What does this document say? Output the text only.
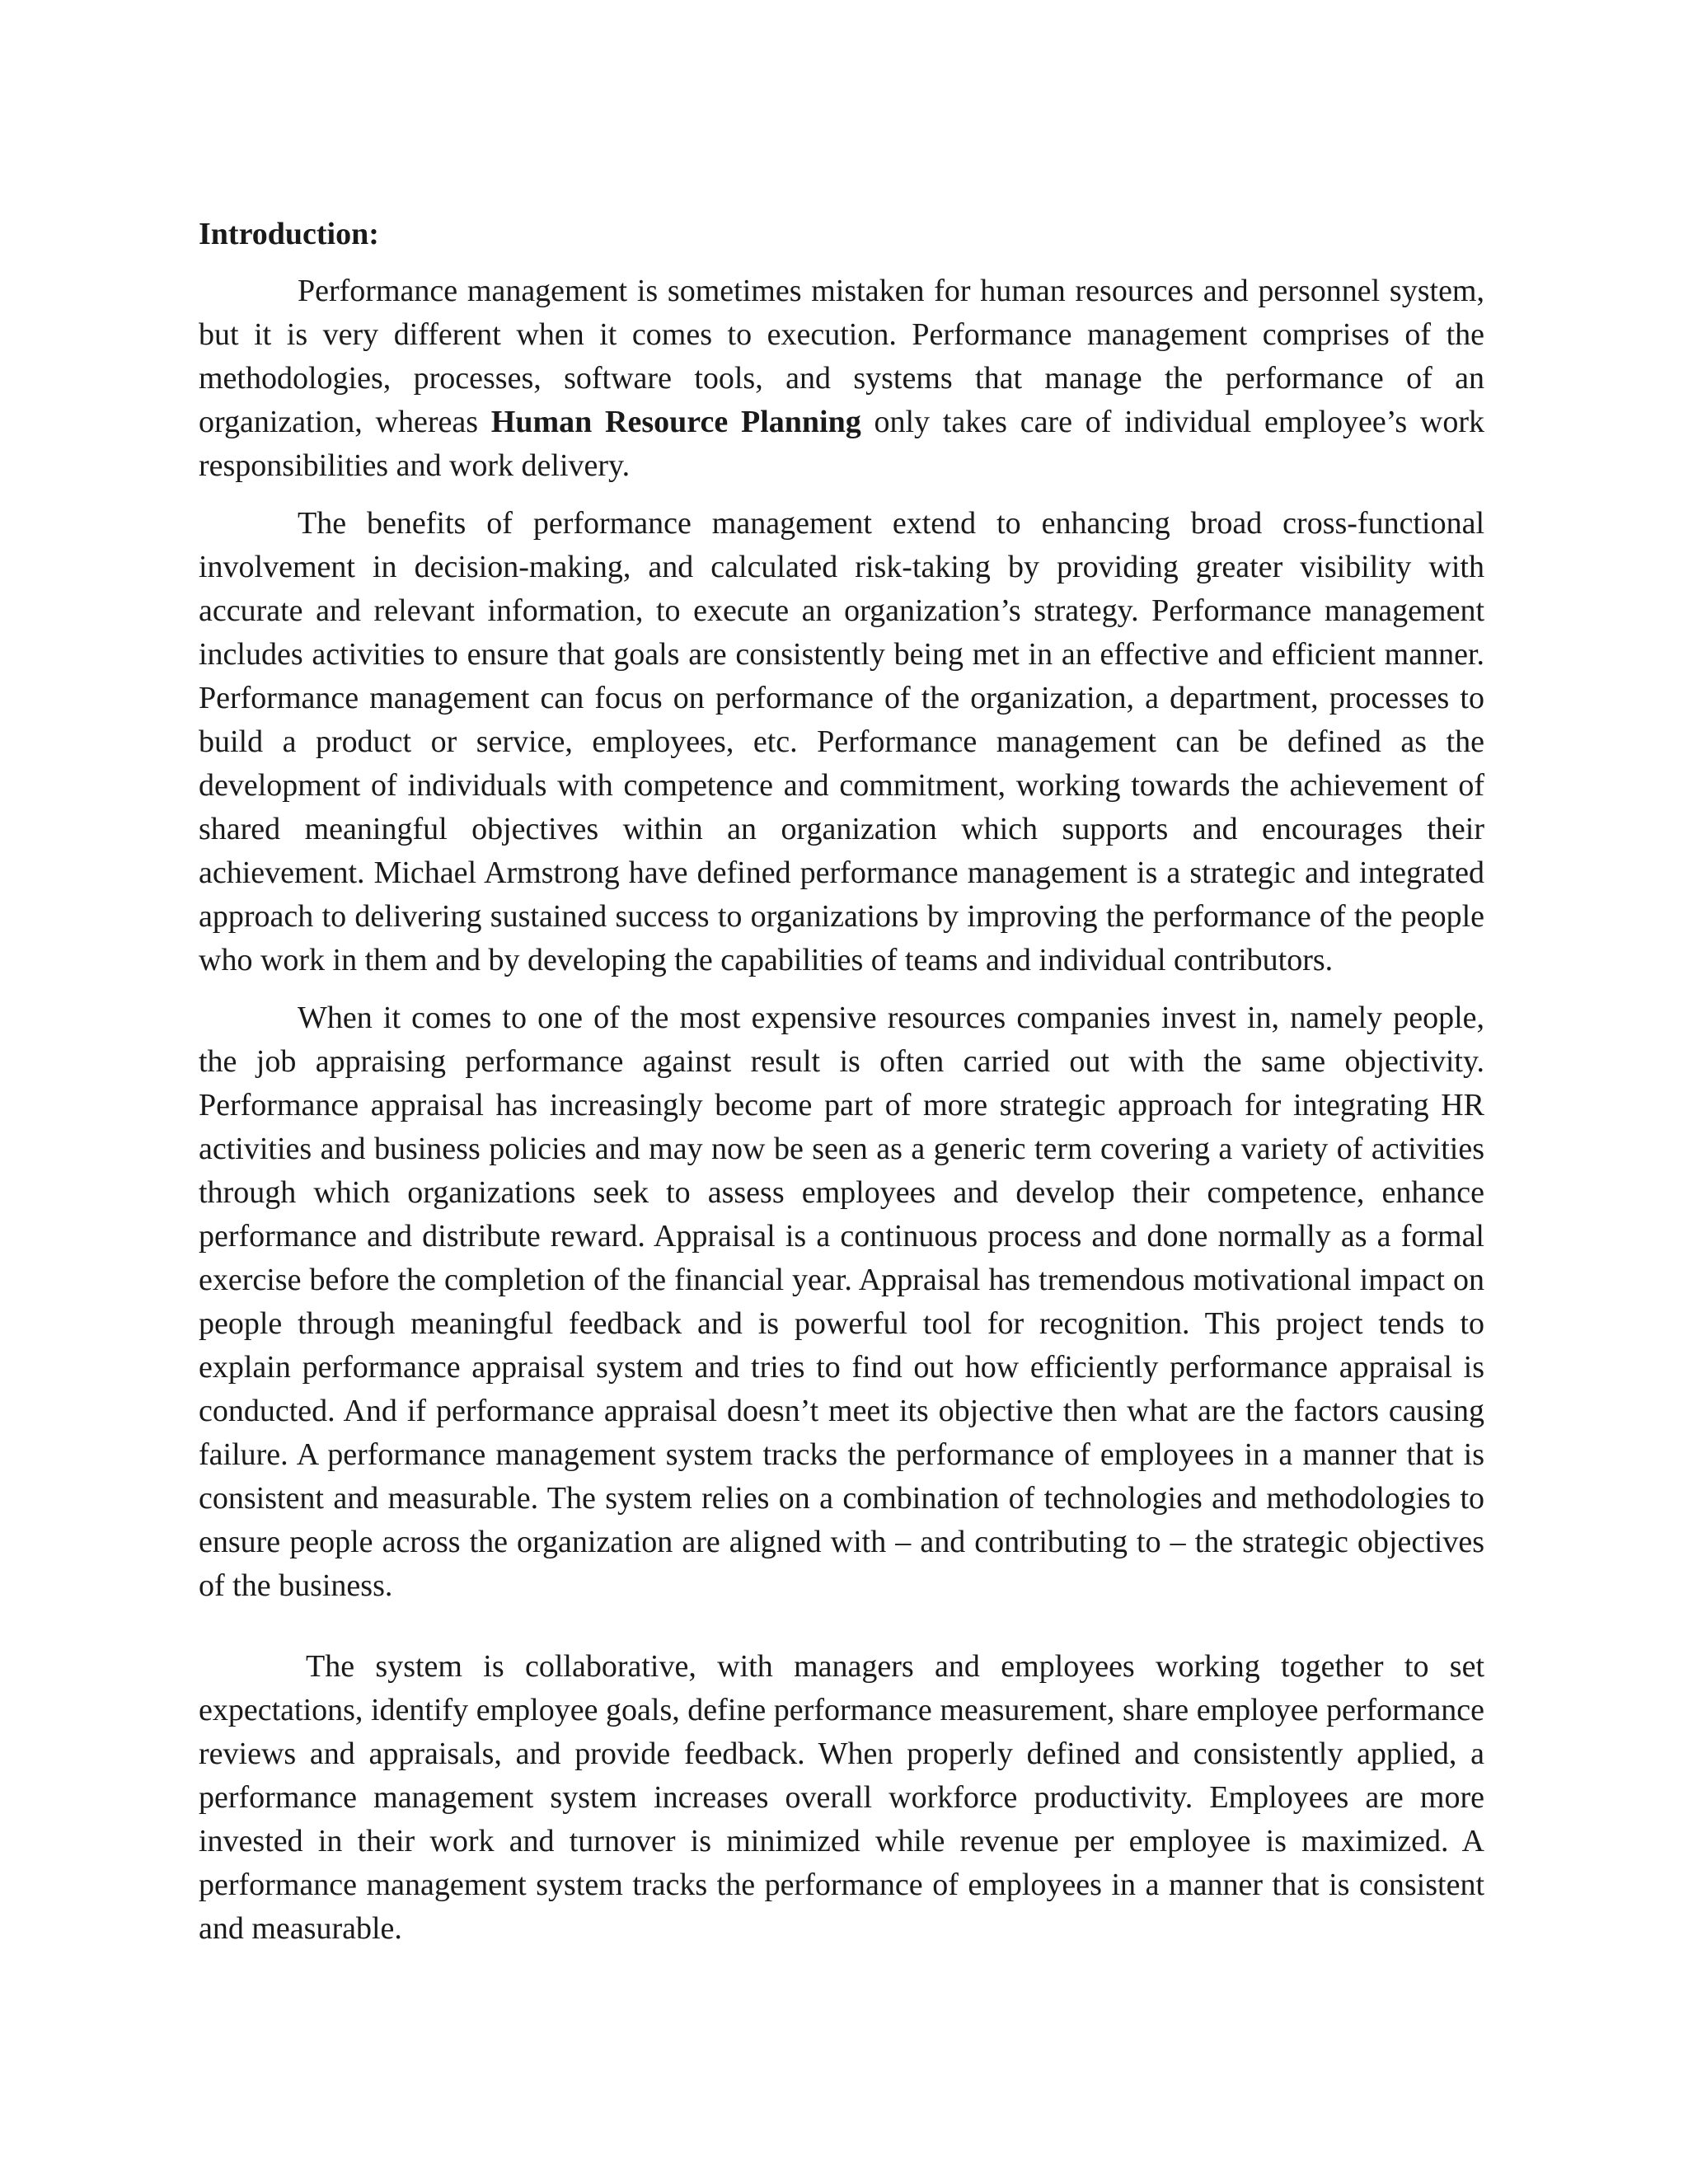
Introduction:

Performance management is sometimes mistaken for human resources and personnel system, but it is very different when it comes to execution. Performance management comprises of the methodologies, processes, software tools, and systems that manage the performance of an organization, whereas Human Resource Planning only takes care of individual employee’s work responsibilities and work delivery.

The benefits of performance management extend to enhancing broad cross-functional involvement in decision-making, and calculated risk-taking by providing greater visibility with accurate and relevant information, to execute an organization’s strategy. Performance management includes activities to ensure that goals are consistently being met in an effective and efficient manner. Performance management can focus on performance of the organization, a department, processes to build a product or service, employees, etc. Performance management can be defined as the development of individuals with competence and commitment, working towards the achievement of shared meaningful objectives within an organization which supports and encourages their achievement. Michael Armstrong have defined performance management is a strategic and integrated approach to delivering sustained success to organizations by improving the performance of the people who work in them and by developing the capabilities of teams and individual contributors.

When it comes to one of the most expensive resources companies invest in, namely people, the job appraising performance against result is often carried out with the same objectivity. Performance appraisal has increasingly become part of more strategic approach for integrating HR activities and business policies and may now be seen as a generic term covering a variety of activities through which organizations seek to assess employees and develop their competence, enhance performance and distribute reward. Appraisal is a continuous process and done normally as a formal exercise before the completion of the financial year. Appraisal has tremendous motivational impact on people through meaningful feedback and is powerful tool for recognition. This project tends to explain performance appraisal system and tries to find out how efficiently performance appraisal is conducted. And if performance appraisal doesn’t meet its objective then what are the factors causing failure. A performance management system tracks the performance of employees in a manner that is consistent and measurable. The system relies on a combination of technologies and methodologies to ensure people across the organization are aligned with – and contributing to – the strategic objectives of the business.

The system is collaborative, with managers and employees working together to set expectations, identify employee goals, define performance measurement, share employee performance reviews and appraisals, and provide feedback. When properly defined and consistently applied, a performance management system increases overall workforce productivity. Employees are more invested in their work and turnover is minimized while revenue per employee is maximized. A performance management system tracks the performance of employees in a manner that is consistent and measurable.
